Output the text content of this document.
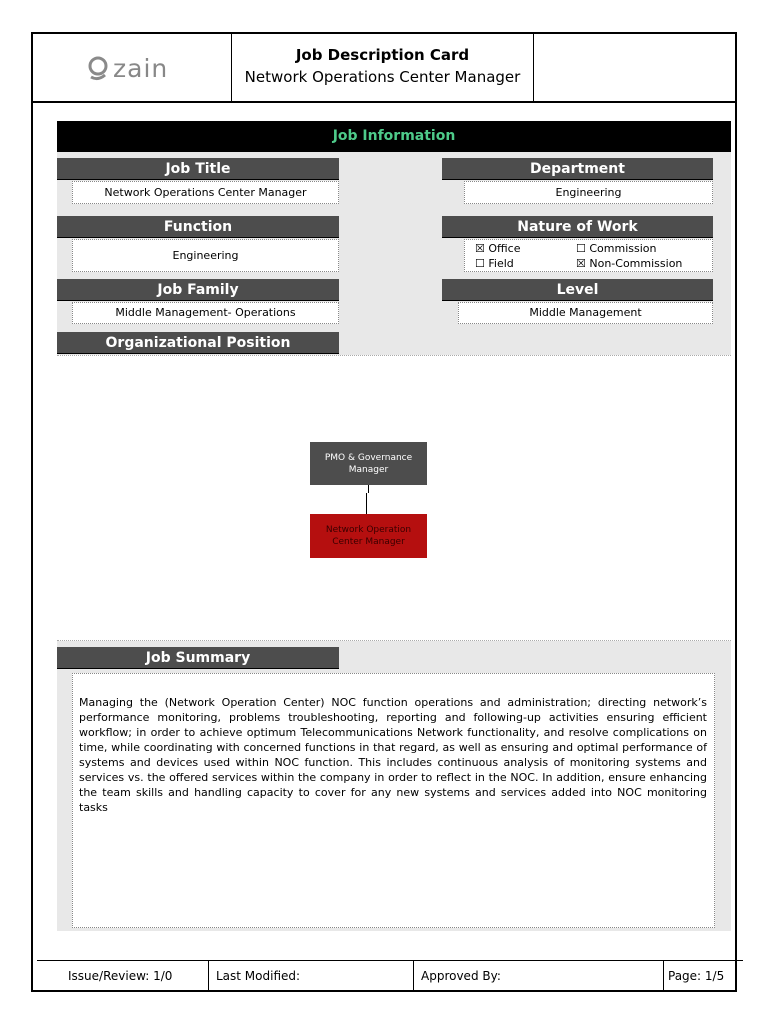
zain	Job Description Card
Network Operations Center Manager
Job Information
Job Title
Network Operations Center Manager
Department
Engineering
Function
Engineering
Nature of Work
☒ Office	☐ Commission
☐ Field	☒ Non-Commission
Job Family
Middle Management- Operations
Level
Middle Management
Organizational Position
PMO & Governance Manager
Network Operation Center Manager
Job Summary
Managing the (Network Operation Center) NOC function operations and administration; directing network’s performance monitoring, problems troubleshooting, reporting and following-up activities ensuring efficient workflow; in order to achieve optimum Telecommunications Network functionality, and resolve complications on time, while coordinating with concerned functions in that regard, as well as ensuring and optimal performance of systems and devices used within NOC function. This includes continuous analysis of monitoring systems and services vs. the offered services within the company in order to reflect in the NOC. In addition, ensure enhancing the team skills and handling capacity to cover for any new systems and services added into NOC monitoring tasks
Issue/Review: 1/0	Last Modified:	Approved By:	Page: 1/5
